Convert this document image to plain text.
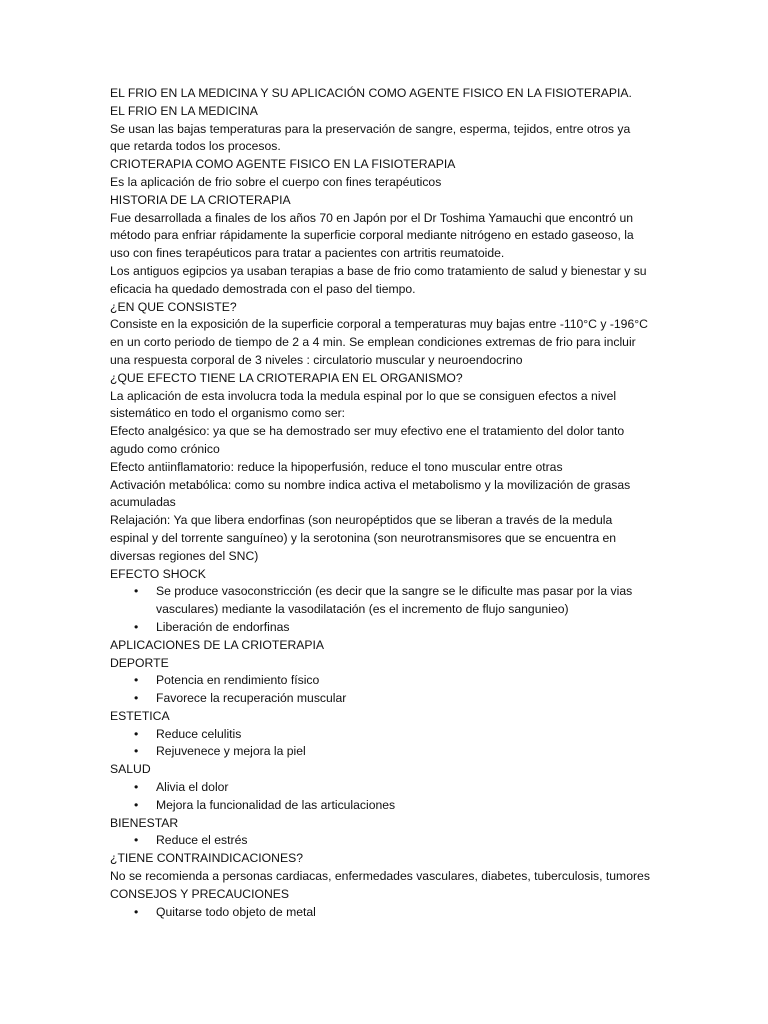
EL FRIO EN LA MEDICINA Y SU APLICACIÓN COMO AGENTE FISICO EN LA FISIOTERAPIA.
EL FRIO EN LA MEDICINA
Se usan las bajas temperaturas para la preservación de sangre, esperma, tejidos, entre otros ya que retarda todos los procesos.
CRIOTERAPIA COMO AGENTE FISICO EN LA FISIOTERAPIA
Es la aplicación de frio sobre el cuerpo con fines terapéuticos
HISTORIA DE LA CRIOTERAPIA
Fue desarrollada a finales de los años 70 en Japón por el Dr Toshima Yamauchi que encontró un método para enfriar rápidamente la superficie corporal mediante nitrógeno en estado gaseoso, la uso con fines terapéuticos para tratar a pacientes con artritis reumatoide.
Los antiguos egipcios ya usaban terapias a base de frio como tratamiento de salud y bienestar y su eficacia ha quedado demostrada con el paso del tiempo.
¿EN QUE CONSISTE?
Consiste en la exposición de la superficie corporal a temperaturas muy bajas entre -110°C y -196°C en un corto periodo de tiempo de 2 a 4 min. Se emplean condiciones extremas de frio para incluir una respuesta corporal de 3 niveles : circulatorio muscular y neuroendocrino
¿QUE EFECTO TIENE LA CRIOTERAPIA EN EL ORGANISMO?
La aplicación de esta involucra toda la medula espinal por lo que se consiguen efectos a nivel sistemático en todo el organismo como ser:
Efecto analgésico: ya que se ha demostrado ser muy efectivo ene el tratamiento del dolor tanto agudo como crónico
Efecto antiinflamatorio: reduce la hipoperfusión, reduce el tono muscular entre otras
Activación metabólica: como su nombre indica activa el metabolismo y la movilización de grasas acumuladas
Relajación: Ya que libera endorfinas (son neuropéptidos que se liberan a través de la medula espinal y del torrente sanguíneo) y la serotonina (son neurotransmisores que se encuentra en diversas regiones del SNC)
EFECTO SHOCK
•	Se produce vasoconstricción (es decir que la sangre se le dificulte mas pasar por la vias vasculares) mediante la vasodilatación (es el incremento de flujo sangunieo)
•	Liberación de endorfinas
APLICACIONES DE LA CRIOTERAPIA
DEPORTE
•	Potencia en rendimiento físico
•	Favorece la recuperación muscular
ESTETICA
•	Reduce celulitis
•	Rejuvenece y mejora la piel
SALUD
•	Alivia el dolor
•	Mejora la funcionalidad de las articulaciones
BIENESTAR
•	Reduce el estrés
¿TIENE CONTRAINDICACIONES?
No se recomienda a personas cardiacas, enfermedades vasculares, diabetes, tuberculosis, tumores
CONSEJOS Y PRECAUCIONES
•	Quitarse todo objeto de metal
